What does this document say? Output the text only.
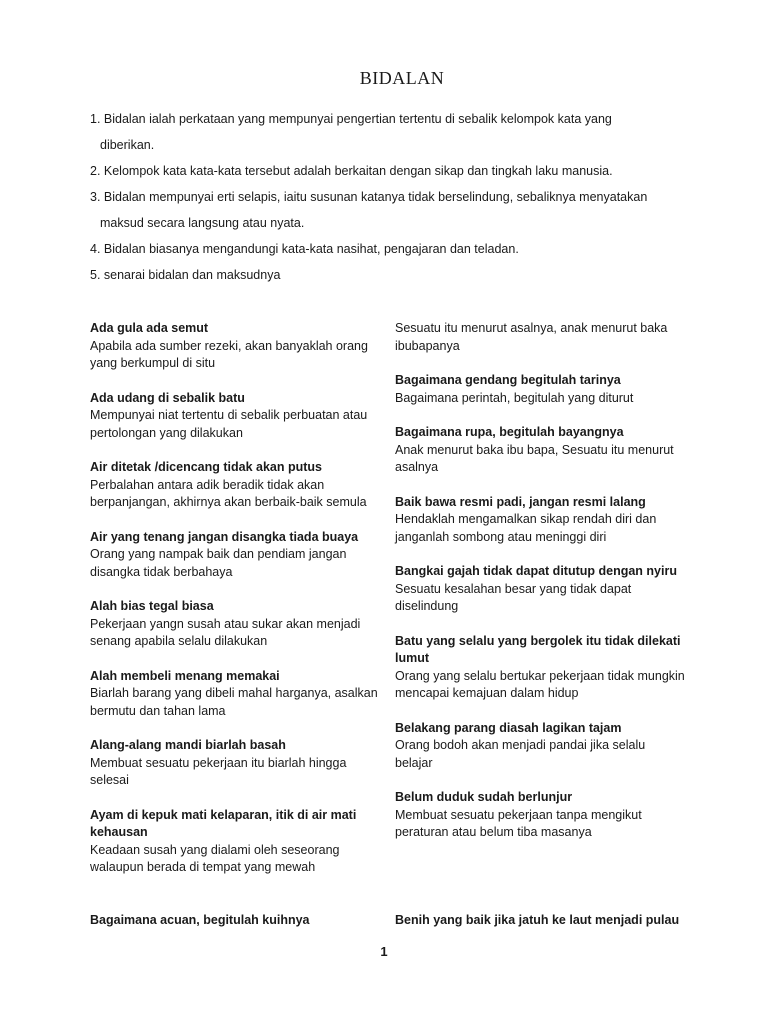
BIDALAN
1. Bidalan ialah perkataan yang mempunyai pengertian tertentu di sebalik kelompok kata yang
diberikan.
2. Kelompok kata kata-kata tersebut adalah berkaitan dengan sikap dan tingkah laku manusia.
3. Bidalan mempunyai erti selapis, iaitu susunan katanya tidak berselindung, sebaliknya menyatakan
maksud secara langsung atau nyata.
4. Bidalan biasanya mengandungi kata-kata nasihat, pengajaran dan teladan.
5. senarai bidalan dan maksudnya
Ada gula ada semut
Apabila ada sumber rezeki, akan banyaklah orang yang berkumpul di situ
Ada udang di sebalik batu
Mempunyai niat tertentu di sebalik perbuatan atau pertolongan yang dilakukan
Air ditetak /dicencang tidak akan putus
Perbalahan antara adik beradik tidak akan berpanjangan, akhirnya akan berbaik-baik semula
Air yang tenang jangan disangka tiada buaya
Orang yang nampak baik dan pendiam jangan disangka tidak berbahaya
Alah bias tegal biasa
Pekerjaan yangn susah atau sukar akan menjadi senang apabila selalu dilakukan
Alah membeli menang memakai
Biarlah barang yang dibeli mahal harganya, asalkan bermutu dan tahan lama
Alang-alang mandi biarlah basah
Membuat sesuatu pekerjaan itu biarlah hingga selesai
Ayam di kepuk mati kelaparan, itik di air mati kehausan
Keadaan susah yang dialami oleh seseorang walaupun berada di tempat yang mewah
Sesuatu itu menurut asalnya, anak menurut baka ibubapanya
Bagaimana gendang begitulah tarinya
Bagaimana perintah, begitulah yang diturut
Bagaimana rupa, begitulah bayangnya
Anak menurut baka ibu bapa, Sesuatu itu menurut asalnya
Baik bawa resmi padi, jangan resmi lalang
Hendaklah mengamalkan sikap rendah diri dan janganlah sombong atau meninggi diri
Bangkai gajah tidak dapat ditutup dengan nyiru
Sesuatu kesalahan besar yang tidak dapat diselindung
Batu yang selalu yang bergolek itu tidak dilekati lumut
Orang yang selalu bertukar pekerjaan tidak mungkin mencapai kemajuan dalam hidup
Belakang parang diasah lagikan tajam
Orang bodoh akan menjadi pandai jika selalu belajar
Belum duduk sudah berlunjur
Membuat sesuatu pekerjaan tanpa mengikut peraturan atau belum tiba masanya
Bagaimana acuan, begitulah kuihnya	Benih yang baik jika jatuh ke laut menjadi pulau
1
